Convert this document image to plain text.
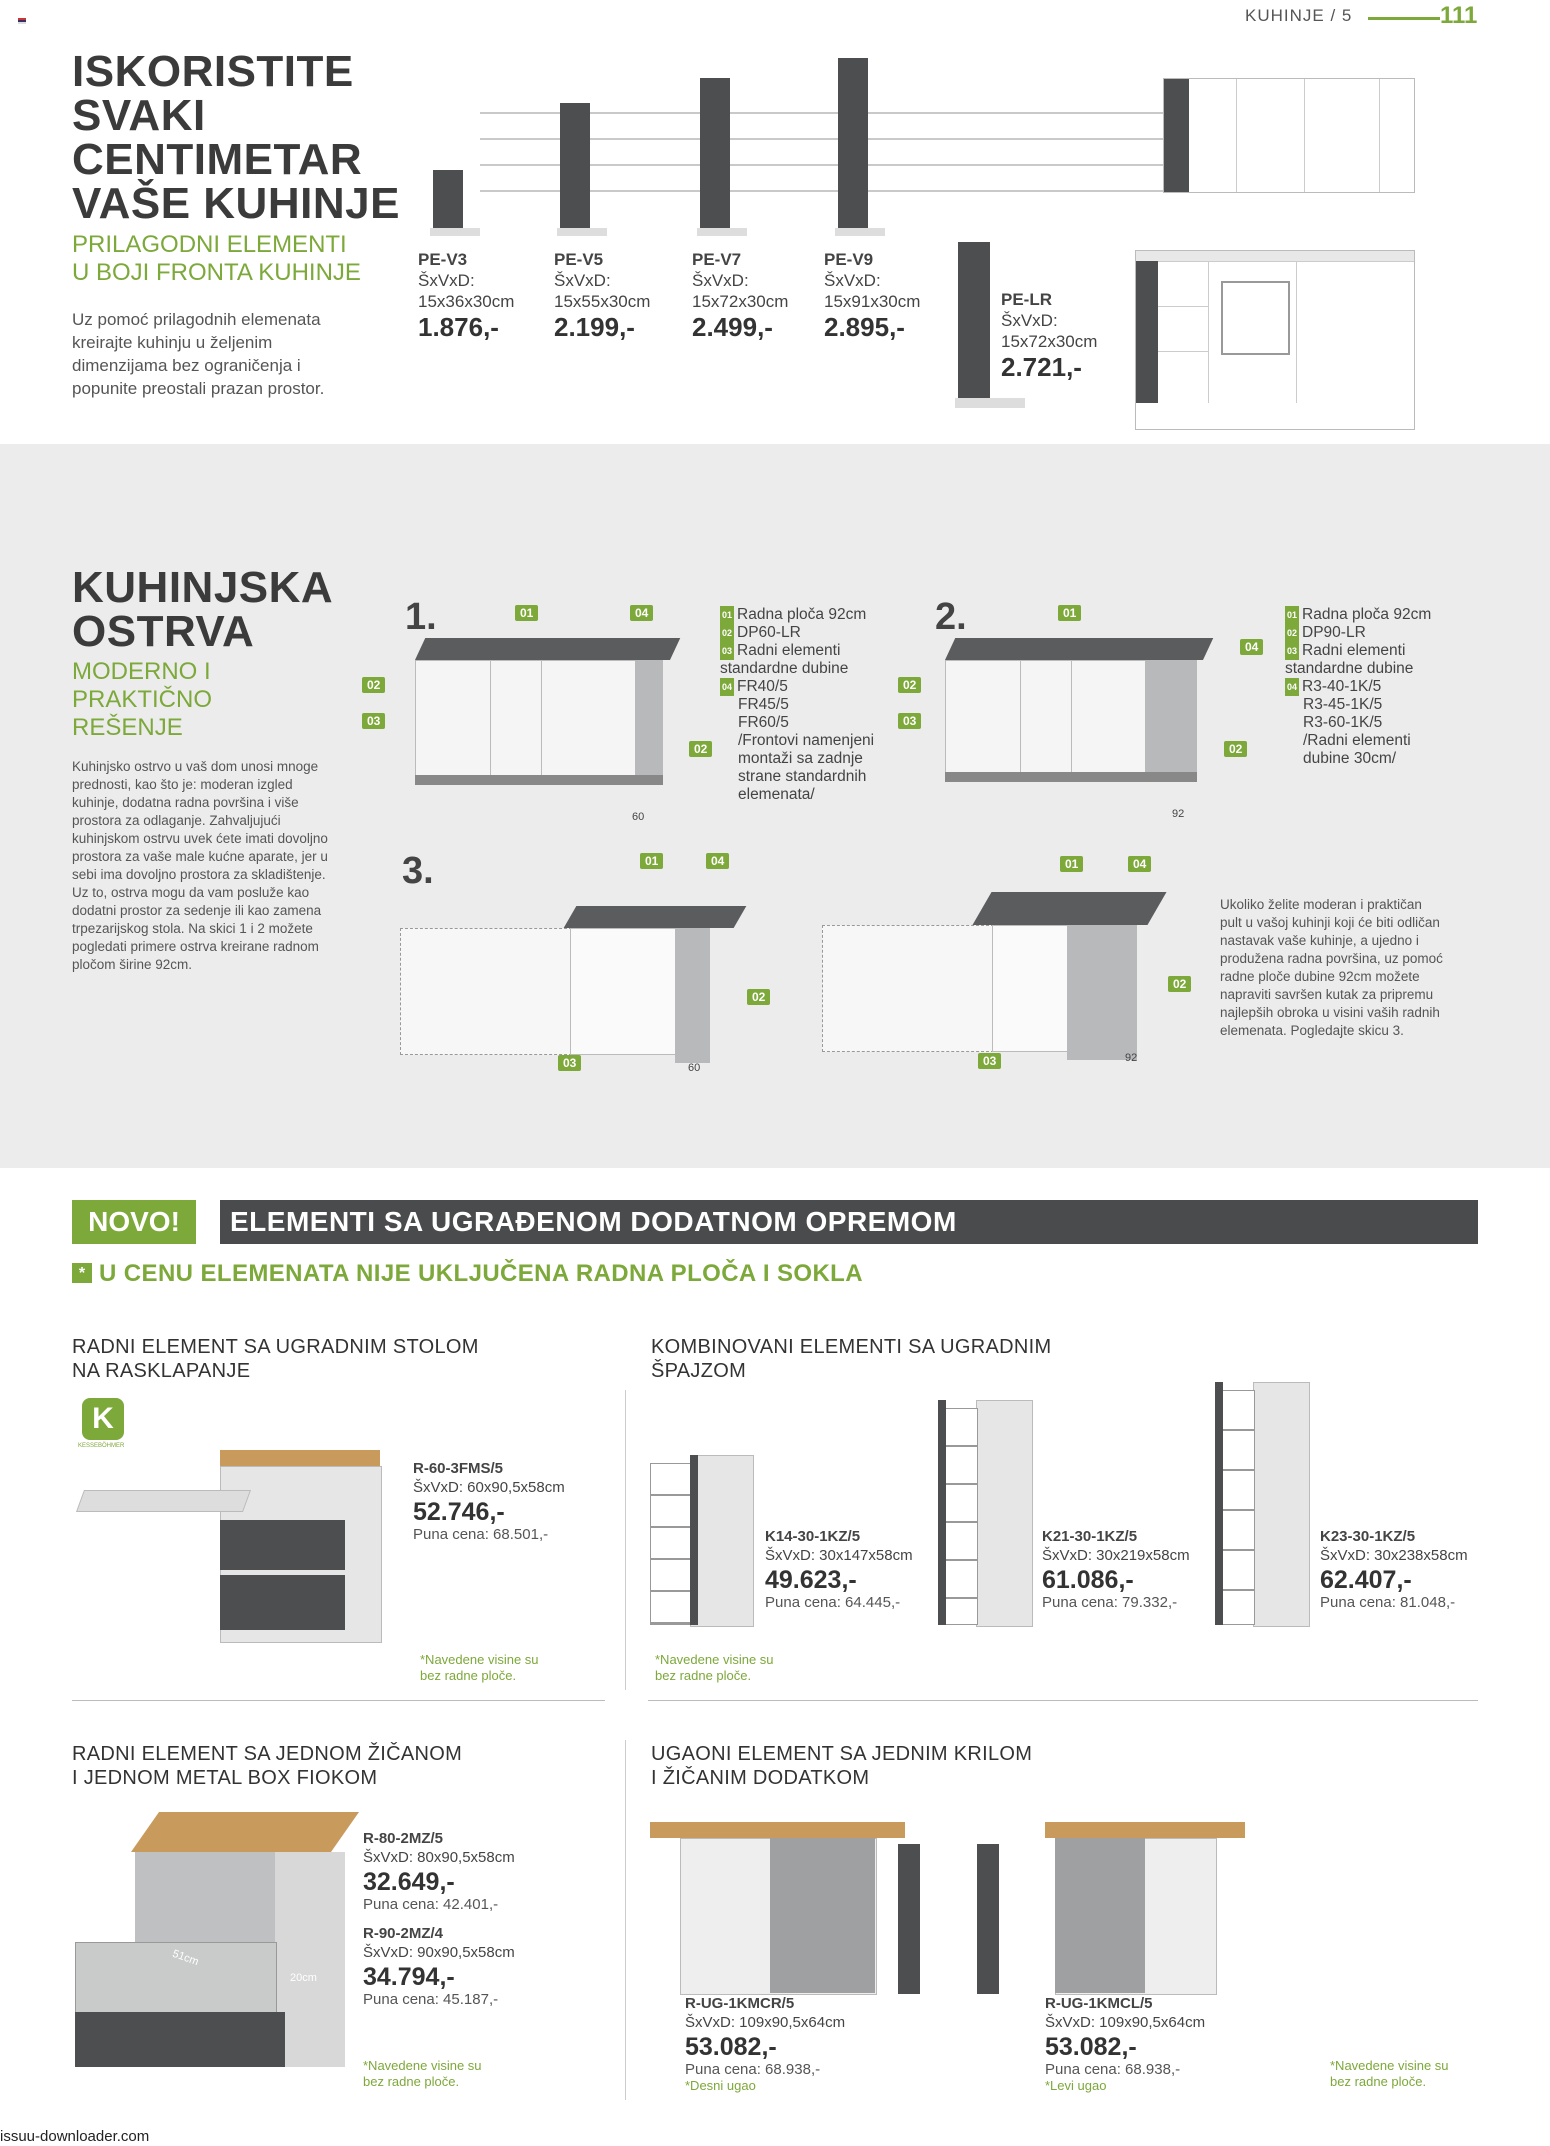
KUHINJE / 5	111
ISKORISTITE
SVAKI
CENTIMETAR
VAŠE KUHINJE
PRILAGODNI ELEMENTI
U BOJI FRONTA KUHINJE
Uz pomoć prilagodnih elemenata
kreirajte kuhinju u željenim
dimenzijama bez ograničenja i
popunite preostali prazan prostor.
PE-V3
ŠxVxD:
15x36x30cm
1.876,-
PE-V5
ŠxVxD:
15x55x30cm
2.199,-
PE-V7
ŠxVxD:
15x72x30cm
2.499,-
PE-V9
ŠxVxD:
15x91x30cm
2.895,-
PE-LR
ŠxVxD:
15x72x30cm
2.721,-
KUHINJSKA
OSTRVA
MODERNO I
PRAKTIČNO
REŠENJE
Kuhinjsko ostrvo u vaš dom unosi mnoge
prednosti, kao što je: moderan izgled
kuhinje, dodatna radna površina i više
prostora za odlaganje. Zahvaljujući
kuhinjskom ostrvu uvek ćete imati dovoljno
prostora za vaše male kućne aparate, jer u
sebi ima dovoljno prostora za skladištenje.
Uz to, ostrva mogu da vam posluže kao
dodatni prostor za sedenje ili kao zamena
trpezarijskog stola. Na skici 1 i 2 možete
pogledati primere ostrva kreirane radnom
pločom širine 92cm.
1.	01	04
02
03
02
60
01 Radna ploča 92cm
02 DP60-LR
03 Radni elementi standardne dubine
04 FR40/5
FR45/5
FR60/5
/Frontovi namenjeni
montaži sa zadnje
strane standardnih
elemenata/
2.	01
04
02
03
02
92
01 Radna ploča 92cm
02 DP90-LR
03 Radni elementi standardne dubine
04 R3-40-1K/5
R3-45-1K/5
R3-60-1K/5
/Radni elementi
dubine 30cm/
3.	01	04
02
03	60
01	04
02
03	92
Ukoliko želite moderan i praktičan
pult u vašoj kuhinji koji će biti odličan
nastavak vaše kuhinje, a ujedno i
produžena radna površina, uz pomoć
radne ploče dubine 92cm možete
napraviti savršen kutak za pripremu
najlepših obroka u visini vaših radnih
elemenata. Pogledajte skicu 3.
NOVO!	ELEMENTI SA UGRAĐENOM DODATNOM OPREMOM
* U CENU ELEMENATA NIJE UKLJUČENA RADNA PLOČA I SOKLA
RADNI ELEMENT SA UGRADNIM STOLOM
NA RASKLAPANJE
K
KESSEBÖHMER
R-60-3FMS/5
ŠxVxD: 60x90,5x58cm
52.746,-
Puna cena: 68.501,-
*Navedene visine su
bez radne ploče.
KOMBINOVANI ELEMENTI SA UGRADNIM
ŠPAJZOM
K14-30-1KZ/5
ŠxVxD: 30x147x58cm
49.623,-
Puna cena: 64.445,-
K21-30-1KZ/5
ŠxVxD: 30x219x58cm
61.086,-
Puna cena: 79.332,-
K23-30-1KZ/5
ŠxVxD: 30x238x58cm
62.407,-
Puna cena: 81.048,-
*Navedene visine su
bez radne ploče.
RADNI ELEMENT SA JEDNOM ŽIČANOM
I JEDNOM METAL BOX FIOKOM
51cm
20cm
R-80-2MZ/5
ŠxVxD: 80x90,5x58cm
32.649,-
Puna cena: 42.401,-
R-90-2MZ/4
ŠxVxD: 90x90,5x58cm
34.794,-
Puna cena: 45.187,-
*Navedene visine su
bez radne ploče.
UGAONI ELEMENT SA JEDNIM KRILOM
I ŽIČANIM DODATKOM
R-UG-1KMCR/5
ŠxVxD: 109x90,5x64cm
53.082,-
Puna cena: 68.938,-
*Desni ugao
R-UG-1KMCL/5
ŠxVxD: 109x90,5x64cm
53.082,-
Puna cena: 68.938,-
*Levi ugao
*Navedene visine su
bez radne ploče.
issuu-downloader.com
